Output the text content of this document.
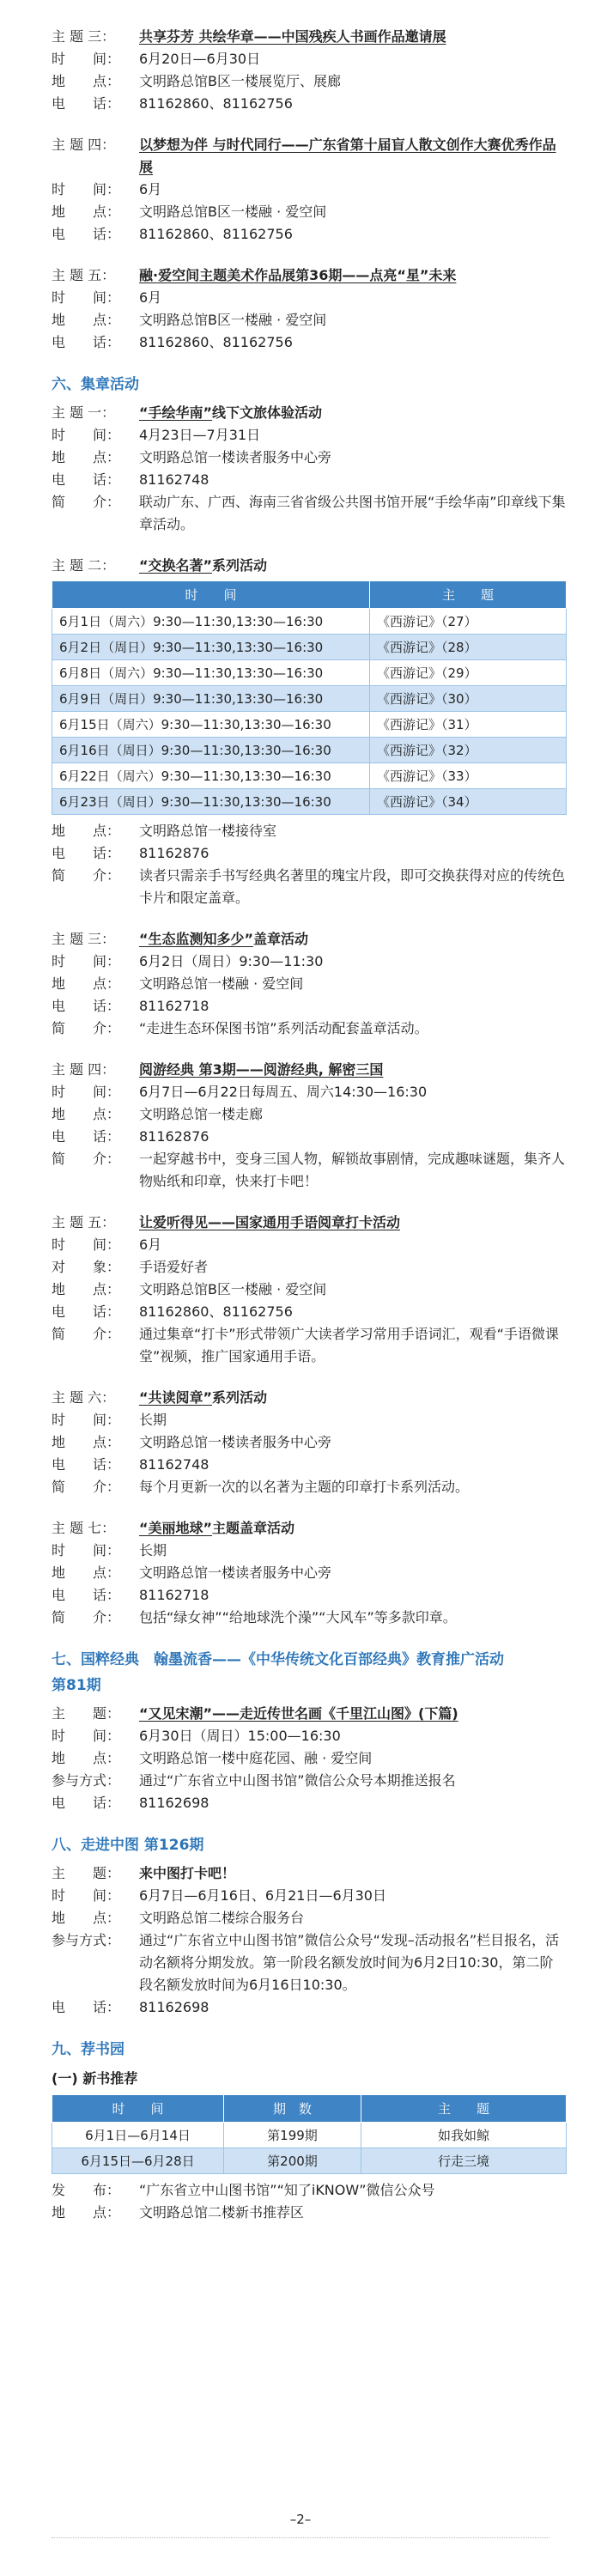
主 题 三：	共享芬芳 共绘华章——中国残疾人书画作品邀请展
时　　间：	6月20日—6月30日
地　　点：	文明路总馆B区一楼展览厅、展廊
电　　话：	81162860、81162756
主 题 四：	以梦想为伴 与时代同行——广东省第十届盲人散文创作大赛优秀作品展
时　　间：	6月
地　　点：	文明路总馆B区一楼融 · 爱空间
电　　话：	81162860、81162756
主 题 五：	融·爱空间主题美术作品展第36期——点亮“星”未来
时　　间：	6月
地　　点：	文明路总馆B区一楼融 · 爱空间
电　　话：	81162860、81162756
六、集章活动
主 题 一：	“手绘华南”线下文旅体验活动
时　　间：	4月23日—7月31日
地　　点：	文明路总馆一楼读者服务中心旁
电　　话：	81162748
简　　介：	联动广东、广西、海南三省省级公共图书馆开展“手绘华南”印章线下集章活动。
主 题 二：	“交换名著”系列活动
时　　间	主　　题
6月1日（周六）9:30—11:30,13:30—16:30	《西游记》（27）
6月2日（周日）9:30—11:30,13:30—16:30	《西游记》（28）
6月8日（周六）9:30—11:30,13:30—16:30	《西游记》（29）
6月9日（周日）9:30—11:30,13:30—16:30	《西游记》（30）
6月15日（周六）9:30—11:30,13:30—16:30	《西游记》（31）
6月16日（周日）9:30—11:30,13:30—16:30	《西游记》（32）
6月22日（周六）9:30—11:30,13:30—16:30	《西游记》（33）
6月23日（周日）9:30—11:30,13:30—16:30	《西游记》（34）
地　　点：	文明路总馆一楼接待室
电　　话：	81162876
简　　介：	读者只需亲手书写经典名著里的瑰宝片段，即可交换获得对应的传统色卡片和限定盖章。
主 题 三：	“生态监测知多少”盖章活动
时　　间：	6月2日（周日）9:30—11:30
地　　点：	文明路总馆一楼融 · 爱空间
电　　话：	81162718
简　　介：	“走进生态环保图书馆”系列活动配套盖章活动。
主 题 四：	阅游经典 第3期——阅游经典, 解密三国
时　　间：	6月7日—6月22日每周五、周六14:30—16:30
地　　点：	文明路总馆一楼走廊
电　　话：	81162876
简　　介：	一起穿越书中，变身三国人物，解锁故事剧情，完成趣味谜题，集齐人物贴纸和印章，快来打卡吧！
主 题 五：	让爱听得见——国家通用手语阅章打卡活动
时　　间：	6月
对　　象：	手语爱好者
地　　点：	文明路总馆B区一楼融 · 爱空间
电　　话：	81162860、81162756
简　　介：	通过集章“打卡”形式带领广大读者学习常用手语词汇，观看“手语微课堂”视频，推广国家通用手语。
主 题 六：	“共读阅章”系列活动
时　　间：	长期
地　　点：	文明路总馆一楼读者服务中心旁
电　　话：	81162748
简　　介：	每个月更新一次的以名著为主题的印章打卡系列活动。
主 题 七：	“美丽地球”主题盖章活动
时　　间：	长期
地　　点：	文明路总馆一楼读者服务中心旁
电　　话：	81162718
简　　介：	包括“绿女神”“给地球洗个澡”“大风车”等多款印章。
七、国粹经典　翰墨流香——《中华传统文化百部经典》教育推广活动
第81期
主　　题：	“又见宋潮”——走近传世名画《千里江山图》(下篇)
时　　间：	6月30日（周日）15:00—16:30
地　　点：	文明路总馆一楼中庭花园、融 · 爱空间
参与方式：	通过“广东省立中山图书馆”微信公众号本期推送报名
电　　话：	81162698
八、走进中图 第126期
主　　题：	来中图打卡吧！
时　　间：	6月7日—6月16日、6月21日—6月30日
地　　点：	文明路总馆二楼综合服务台
参与方式：	通过“广东省立中山图书馆”微信公众号“发现–活动报名”栏目报名，活动名额将分期发放。第一阶段名额发放时间为6月2日10:30，第二阶段名额发放时间为6月16日10:30。
电　　话：	81162698
九、荐书园
(一) 新书推荐
时　　间	期　数	主　　题
6月1日—6月14日	第199期	如我如鲸
6月15日—6月28日	第200期	行走三境
发　　布：	“广东省立中山图书馆”“知了iKNOW”微信公众号
地　　点：	文明路总馆二楼新书推荐区
–2–
